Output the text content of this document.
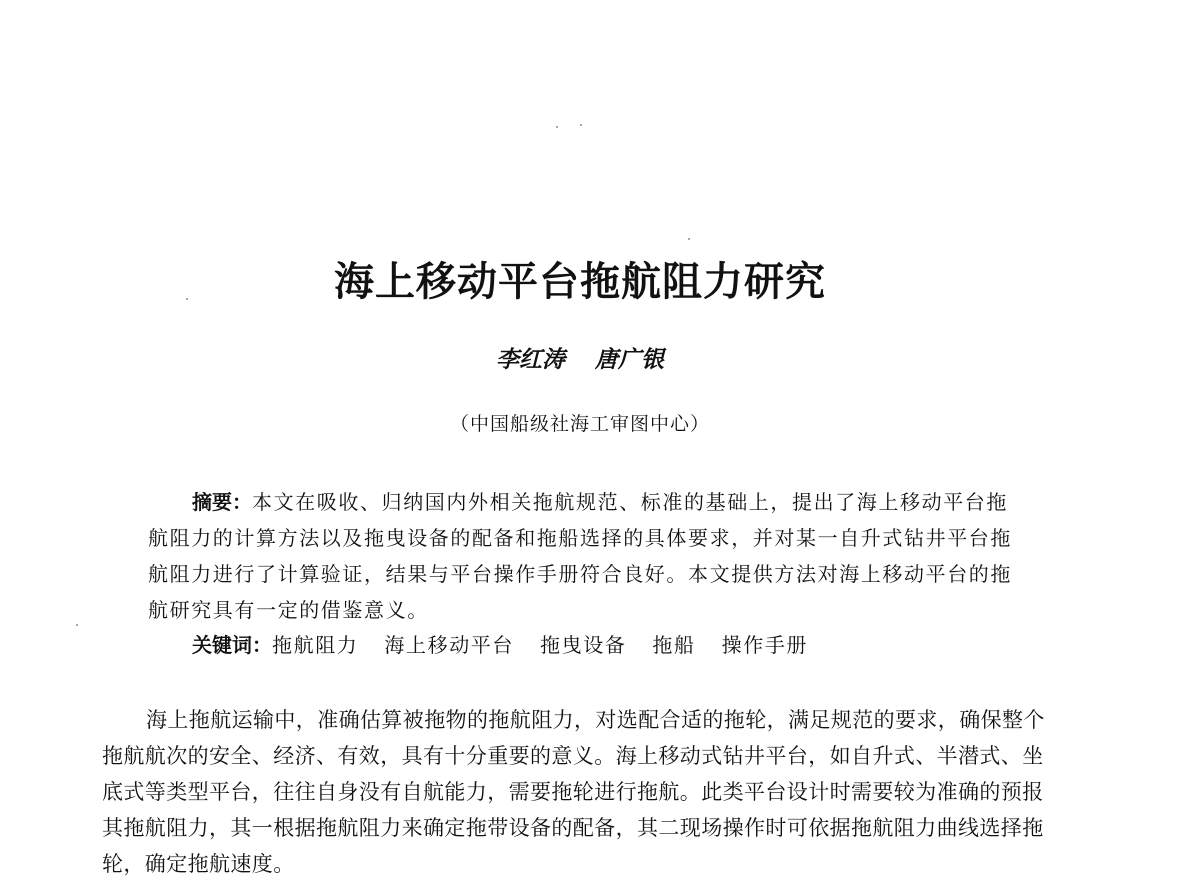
海上移动平台拖航阻力研究
李红涛 唐广银
（中国船级社海工审图中心）

摘要：本文在吸收、归纳国内外相关拖航规范、标准的基础上，提出了海上移动平台拖航阻力的计算方法以及拖曳设备的配备和拖船选择的具体要求，并对某一自升式钻井平台拖航阻力进行了计算验证，结果与平台操作手册符合良好。本文提供方法对海上移动平台的拖航研究具有一定的借鉴意义。

关键词：拖航阻力 海上移动平台 拖曳设备 拖船 操作手册

海上拖航运输中，准确估算被拖物的拖航阻力，对选配合适的拖轮，满足规范的要求，确保整个拖航航次的安全、经济、有效，具有十分重要的意义。海上移动式钻井平台，如自升式、半潜式、坐底式等类型平台，往往自身没有自航能力，需要拖轮进行拖航。此类平台设计时需要较为准确的预报其拖航阻力，其一根据拖航阻力来确定拖带设备的配备，其二现场操作时可依据拖航阻力曲线选择拖轮，确定拖航速度。
